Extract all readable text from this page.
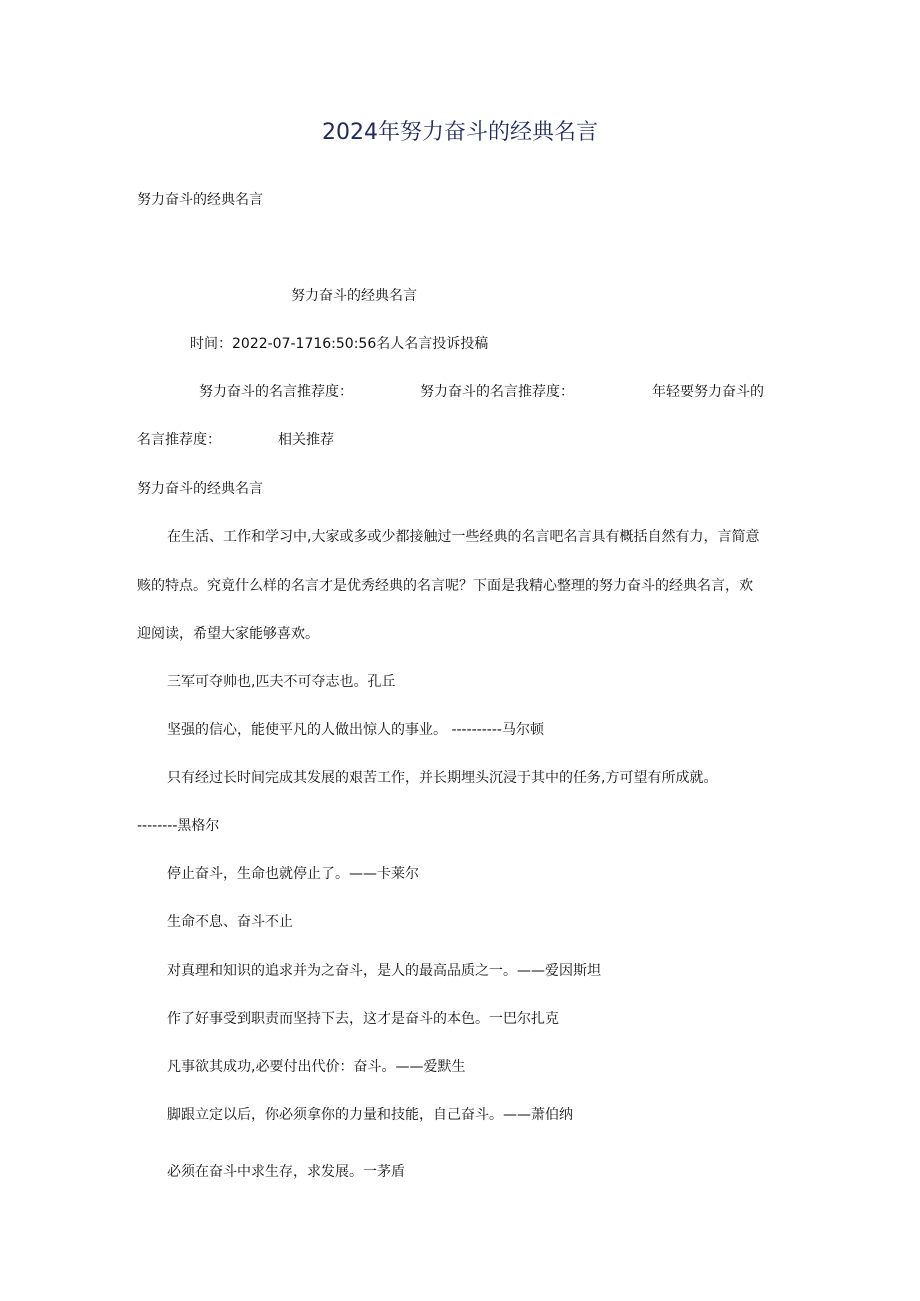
2024年努力奋斗的经典名言
努力奋斗的经典名言
努力奋斗的经典名言
时间：2022-07-1716:50:56名人名言投诉投稿
努力奋斗的名言推荐度：	努力奋斗的名言推荐度：	年轻要努力奋斗的
名言推荐度：	相关推荐
努力奋斗的经典名言
在生活、工作和学习中,大家或多或少都接触过一些经典的名言吧名言具有概括自然有力，言简意
赅的特点。究竟什么样的名言才是优秀经典的名言呢？下面是我精心整理的努力奋斗的经典名言，欢
迎阅读，希望大家能够喜欢。
三军可夺帅也,匹夫不可夺志也。孔丘
坚强的信心，能使平凡的人做出惊人的事业。 ----------马尔顿
只有经过长时间完成其发展的艰苦工作，并长期埋头沉浸于其中的任务,方可望有所成就。
--------黑格尔
停止奋斗，生命也就停止了。——卡莱尔
生命不息、奋斗不止
对真理和知识的追求并为之奋斗，是人的最高品质之一。——爱因斯坦
作了好事受到职责而坚持下去，这才是奋斗的本色。一巴尔扎克
凡事欲其成功,必要付出代价：奋斗。——爱默生
脚跟立定以后，你必须拿你的力量和技能，自己奋斗。——萧伯纳
必须在奋斗中求生存，求发展。一茅盾
